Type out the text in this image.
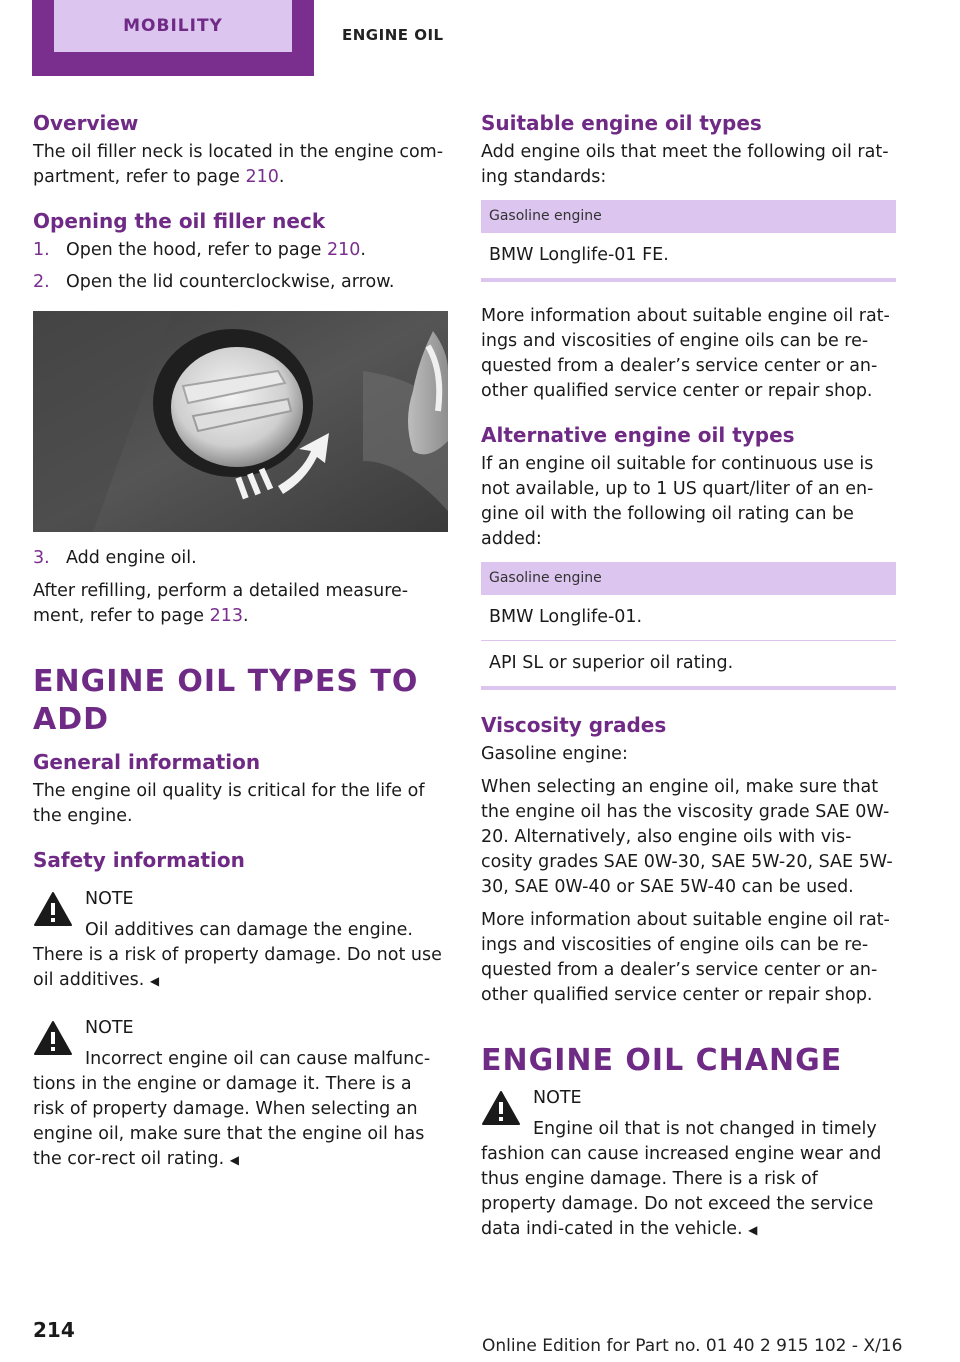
MOBILITY	ENGINE OIL
Overview

The oil filler neck is located in the engine com‐partment, refer to page 210.

Opening the oil filler neck
1. Open the hood, refer to page 210.
2. Open the lid counterclockwise, arrow.
3. Add engine oil.

After refilling, perform a detailed measure‐ment, refer to page 213.

ENGINE OIL TYPES TO ADD
General information

The engine oil quality is critical for the life of the engine.

Safety information
NOTE

Oil additives can damage the engine. There is a risk of property damage. Do not use oil additives. ◀

NOTE

Incorrect engine oil can cause malfunc‐tions in the engine or damage it. There is a risk of property damage. When selecting an engine oil, make sure that the engine oil has the cor‐rect oil rating. ◀

Suitable engine oil types

Add engine oils that meet the following oil rat‐ing standards:

Gasoline engine
BMW Longlife-01 FE.

More information about suitable engine oil rat‐ings and viscosities of engine oils can be re‐quested from a dealer’s service center or an‐other qualified service center or repair shop.

Alternative engine oil types

If an engine oil suitable for continuous use is not available, up to 1 US quart/liter of an en‐gine oil with the following oil rating can be added:

Gasoline engine
BMW Longlife-01.
API SL or superior oil rating.
Viscosity grades

Gasoline engine:

When selecting an engine oil, make sure that the engine oil has the viscosity grade SAE 0W-20. Alternatively, also engine oils with vis‐cosity grades SAE 0W-30, SAE 5W-20, SAE 5W-30, SAE 0W-40 or SAE 5W-40 can be used.

More information about suitable engine oil rat‐ings and viscosities of engine oils can be re‐quested from a dealer’s service center or an‐other qualified service center or repair shop.

ENGINE OIL CHANGE
NOTE

Engine oil that is not changed in timely fashion can cause increased engine wear and thus engine damage. There is a risk of property damage. Do not exceed the service data indi‐cated in the vehicle. ◀

214
Online Edition for Part no. 01 40 2 915 102 - X/16
